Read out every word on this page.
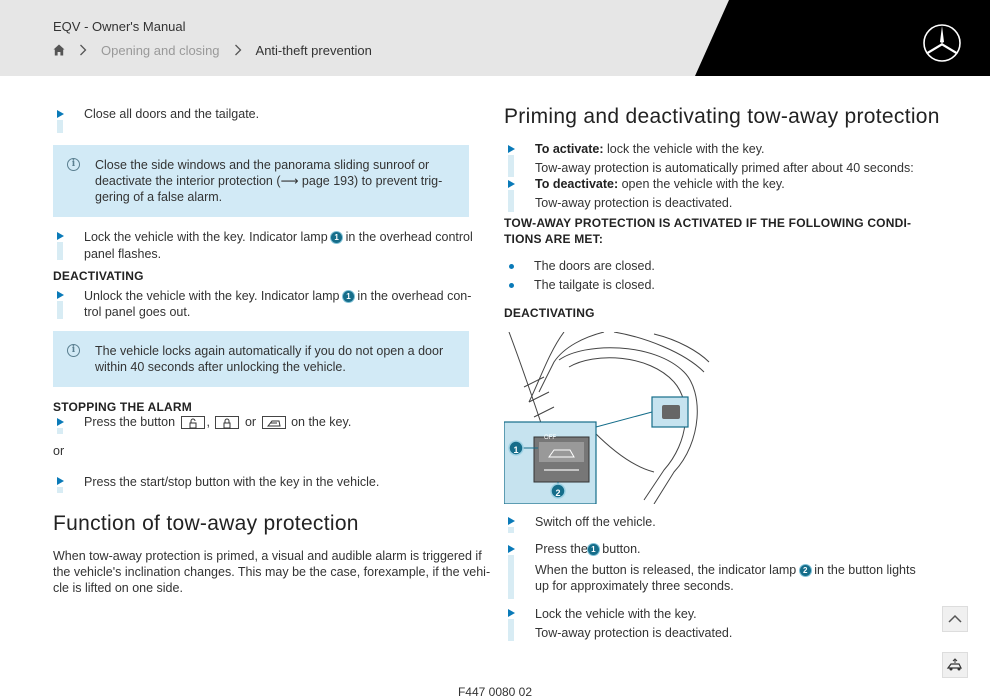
EQV - Owner's Manual
Opening and closing	Anti-theft prevention
Close all doors and the tailgate.
i	Close the side windows and the panorama sliding sunroof or
deactivate the interior protection (⟶ page 193) to prevent trig-
gering of a false alarm.
Lock the vehicle with the key. Indicator lamp 1 in the overhead control
panel flashes.
DEACTIVATING
Unlock the vehicle with the key. Indicator lamp 1 in the overhead con-
trol panel goes out.
i	The vehicle locks again automatically if you do not open a door
within 40 seconds after unlocking the vehicle.
STOPPING THE ALARM
Press the button	,	or	on the key.
or
Press the start/stop button with the key in the vehicle.
Function of tow-away protection
When tow-away protection is primed, a visual and audible alarm is triggered if
the vehicle's inclination changes. This may be the case, forexample, if the vehi-
cle is lifted on one side.
Priming and deactivating tow-away protection
To activate: lock the vehicle with the key.
Tow-away protection is automatically primed after about 40 seconds:
To deactivate: open the vehicle with the key.
Tow-away protection is deactivated.
TOW-AWAY PROTECTION IS ACTIVATED IF THE FOLLOWING CONDI-
TIONS ARE MET:
The doors are closed.
The tailgate is closed.
DEACTIVATING
OFF
1
2
Switch off the vehicle.
Press the 1 button.
When the button is released, the indicator lamp 2 in the button lights
up for approximately three seconds.
Lock the vehicle with the key.
Tow-away protection is deactivated.
F447 0080 02
